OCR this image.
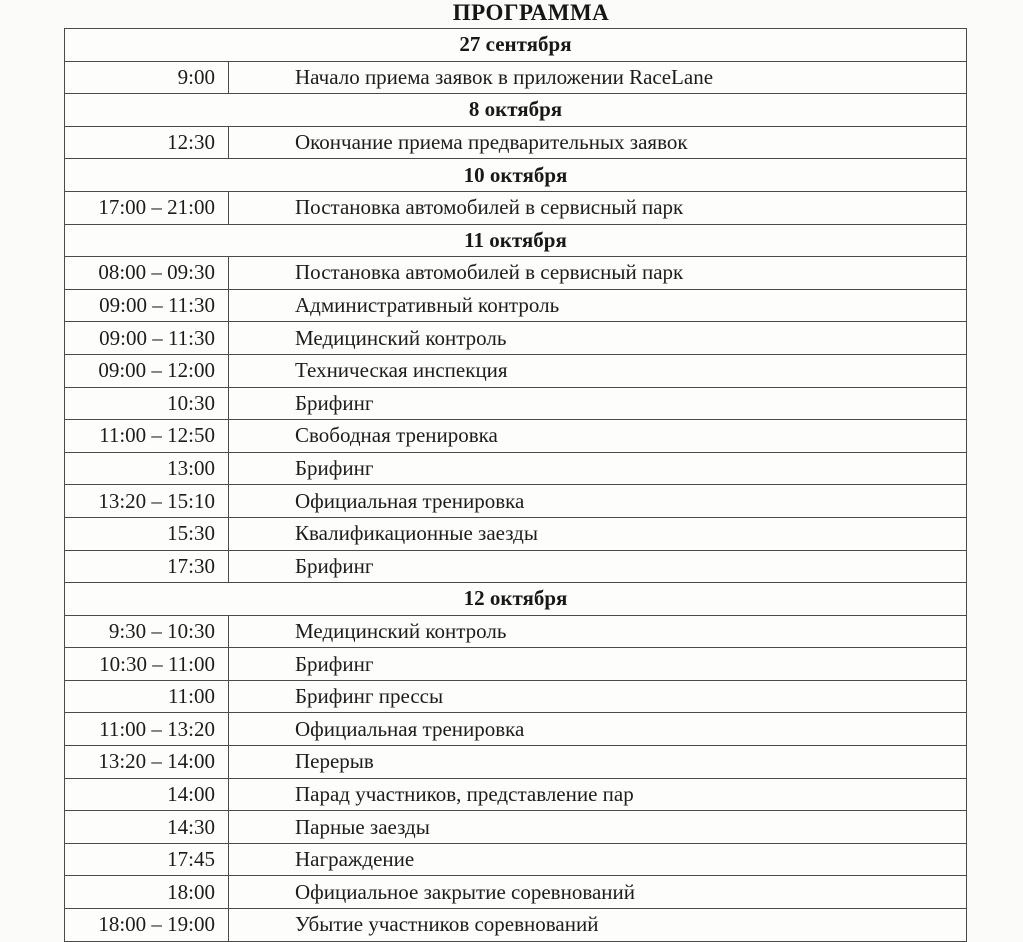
ПРОГРАММА
27 сентября	
9:00	Начало приема заявок в приложении RaceLane
8 октября	
12:30	Окончание приема предварительных заявок
10 октября	
17:00 – 21:00	Постановка автомобилей в сервисный парк
11 октября	
08:00 – 09:30	Постановка автомобилей в сервисный парк
09:00 – 11:30	Административный контроль
09:00 – 11:30	Медицинский контроль
09:00 – 12:00	Техническая инспекция
10:30	Брифинг
11:00 – 12:50	Свободная тренировка
13:00	Брифинг
13:20 – 15:10	Официальная тренировка
15:30	Квалификационные заезды
17:30	Брифинг
12 октября	
9:30 – 10:30	Медицинский контроль
10:30 – 11:00	Брифинг
11:00	Брифинг прессы
11:00 – 13:20	Официальная тренировка
13:20 – 14:00	Перерыв
14:00	Парад участников, представление пар
14:30	Парные заезды
17:45	Награждение
18:00	Официальное закрытие соревнований
18:00 – 19:00	Убытие участников соревнований
